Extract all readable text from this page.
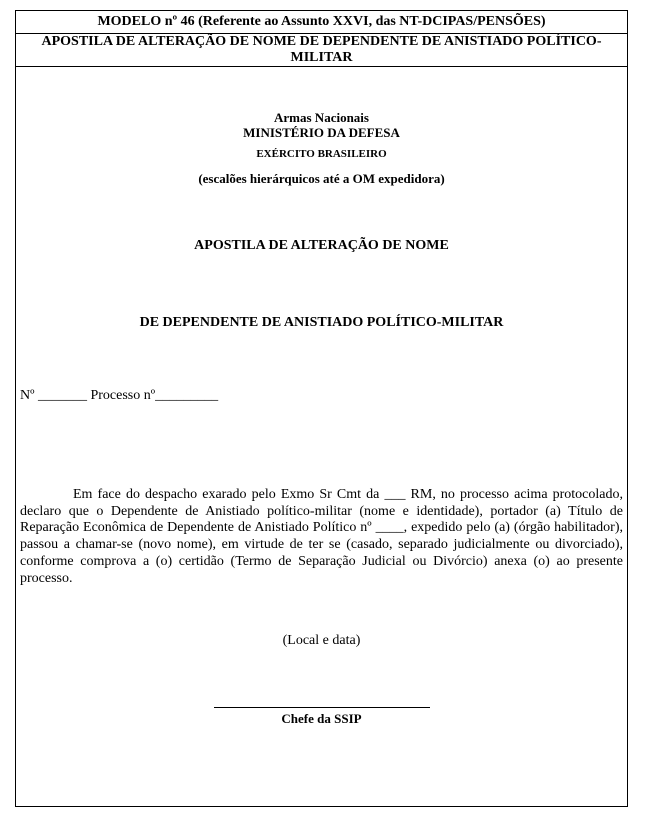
MODELO nº 46 (Referente ao Assunto XXVI, das NT-DCIPAS/PENSÕES)
APOSTILA DE ALTERAÇÃO DE NOME DE DEPENDENTE DE ANISTIADO POLÍTICO-
MILITAR
Armas Nacionais
MINISTÉRIO DA DEFESA
EXÉRCITO BRASILEIRO
(escalões hierárquicos até a OM expedidora)
APOSTILA DE ALTERAÇÃO DE NOME
DE DEPENDENTE DE ANISTIADO POLÍTICO-MILITAR
Nº _______ Processo nº_________
Em face do despacho exarado pelo Exmo Sr Cmt da ___ RM, no processo acima protocolado, declaro que o Dependente de Anistiado político-militar (nome e identidade), portador (a) Título de Reparação Econômica de Dependente de Anistiado Político nº ____, expedido pelo (a) (órgão habilitador), passou a chamar-se (novo nome), em virtude de ter se (casado, separado judicialmente ou divorciado), conforme comprova a (o) certidão (Termo de Separação Judicial ou Divórcio) anexa (o) ao presente processo.
(Local e data)
Chefe da SSIP
